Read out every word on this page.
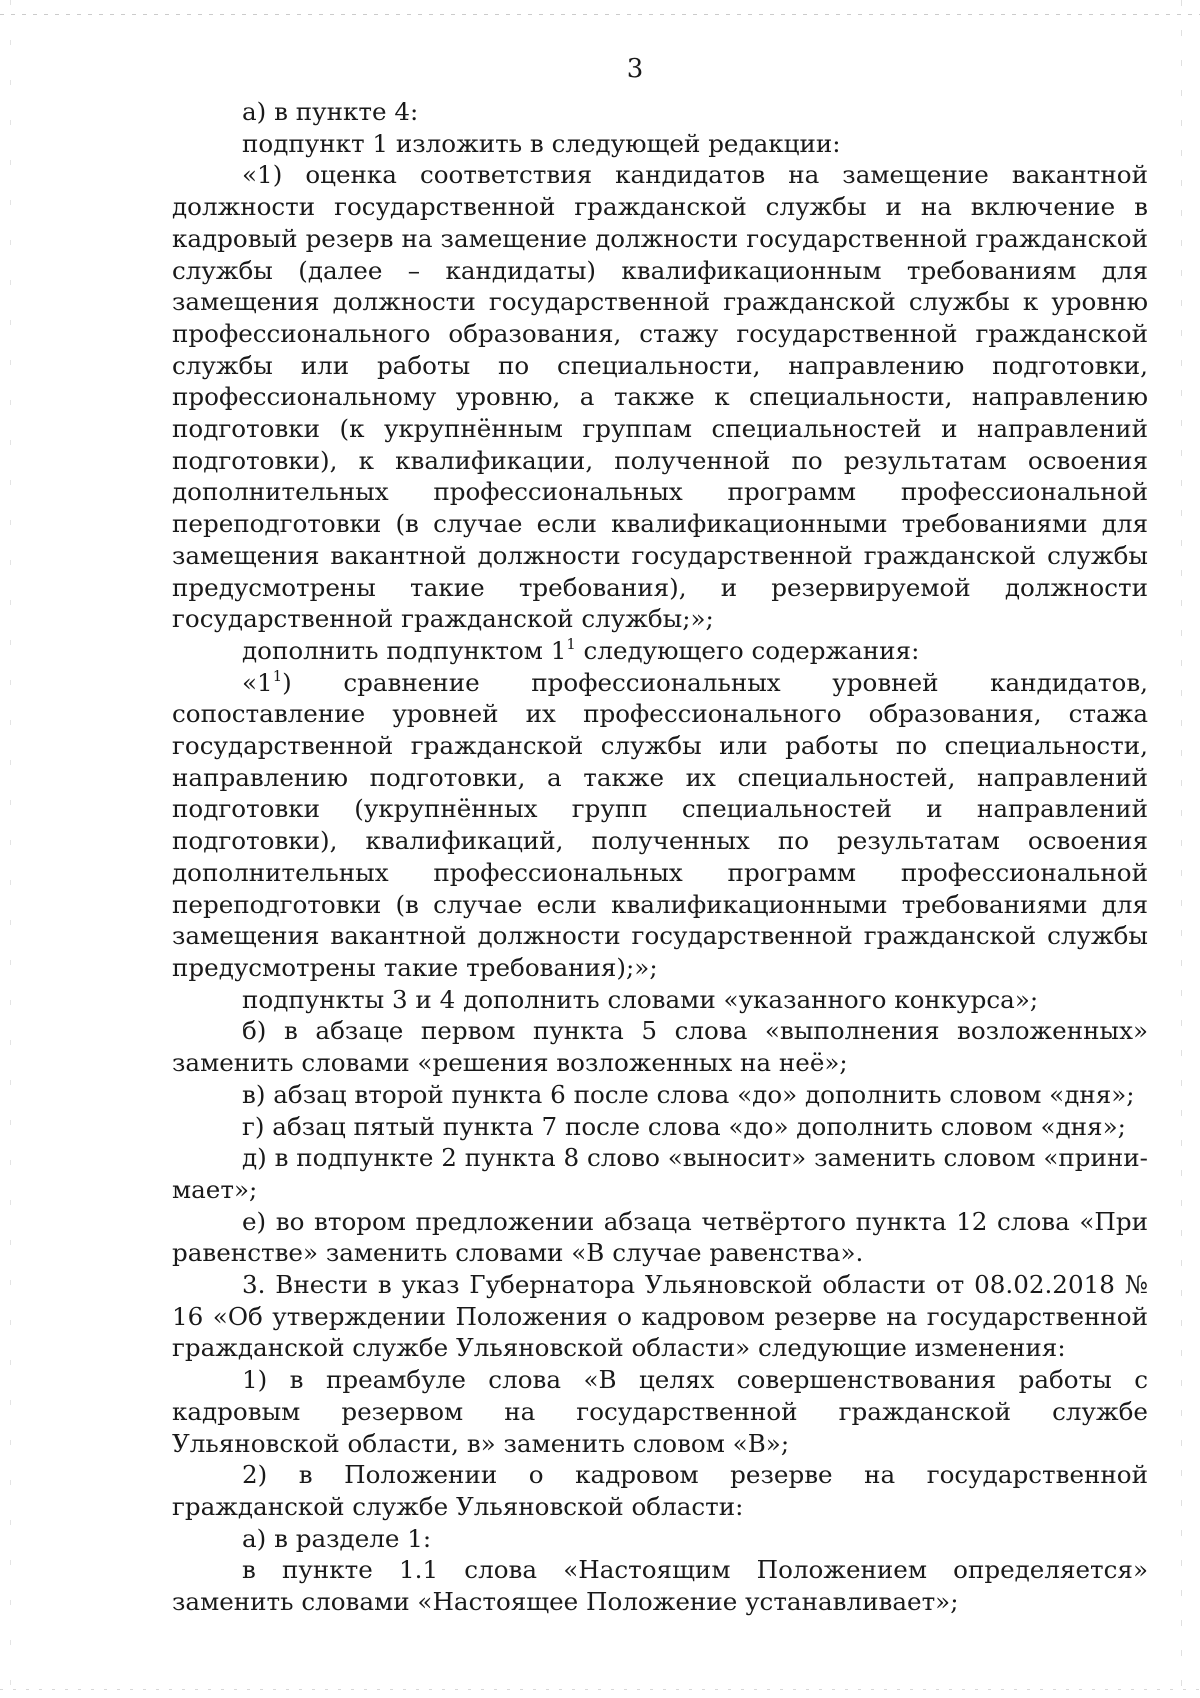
3

а) в пункте 4:

подпункт 1 изложить в следующей редакции:

«1) оценка соответствия кандидатов на замещение вакантной должности государственной гражданской службы и на включение в кадровый резерв на замещение должности государственной гражданской службы (далее – кандидаты) квалификационным требованиям для замещения должности государственной гражданской службы к уровню профессионального образования, стажу государственной гражданской службы или работы по специальности, направлению подготовки, профессиональному уровню, а также к специальности, направлению подготовки (к укрупнённым группам специальностей и направлений подготовки), к квалификации, полученной по результатам освоения дополнительных профессиональных программ профессиональной переподготовки (в случае если квалификационными требованиями для замещения вакантной должности государственной гражданской службы предусмотрены такие требования), и резервируемой должности государственной гражданской службы;»;

дополнить подпунктом $1^1$ следующего содержания:

«$1^1$) сравнение профессиональных уровней кандидатов, сопоставление уровней их профессионального образования, стажа государственной гражданской службы или работы по специальности, направлению подготовки, а также их специальностей, направлений подготовки (укрупнённых групп специальностей и направлений подготовки), квалификаций, полученных по результатам освоения дополнительных профессиональных программ профессиональной переподготовки (в случае если квалификационными требованиями для замещения вакантной должности государственной гражданской службы предусмотрены такие требования);»;

подпункты 3 и 4 дополнить словами «указанного конкурса»;

б) в абзаце первом пункта 5 слова «выполнения возложенных» заменить словами «решения возложенных на неё»;

в) абзац второй пункта 6 после слова «до» дополнить словом «дня»;

г) абзац пятый пункта 7 после слова «до» дополнить словом «дня»;

д) в подпункте 2 пункта 8 слово «выносит» заменить словом «прини-мает»;

е) во втором предложении абзаца четвёртого пункта 12 слова «При равенстве» заменить словами «В случае равенства».

3. Внести в указ Губернатора Ульяновской области от 08.02.2018 № 16 «Об утверждении Положения о кадровом резерве на государственной гражданской службе Ульяновской области» следующие изменения:

1) в преамбуле слова «В целях совершенствования работы с кадровым резервом на государственной гражданской службе Ульяновской области, в» заменить словом «В»;

2) в Положении о кадровом резерве на государственной гражданской службе Ульяновской области:

а) в разделе 1:

в пункте 1.1 слова «Настоящим Положением определяется» заменить словами «Настоящее Положение устанавливает»;
